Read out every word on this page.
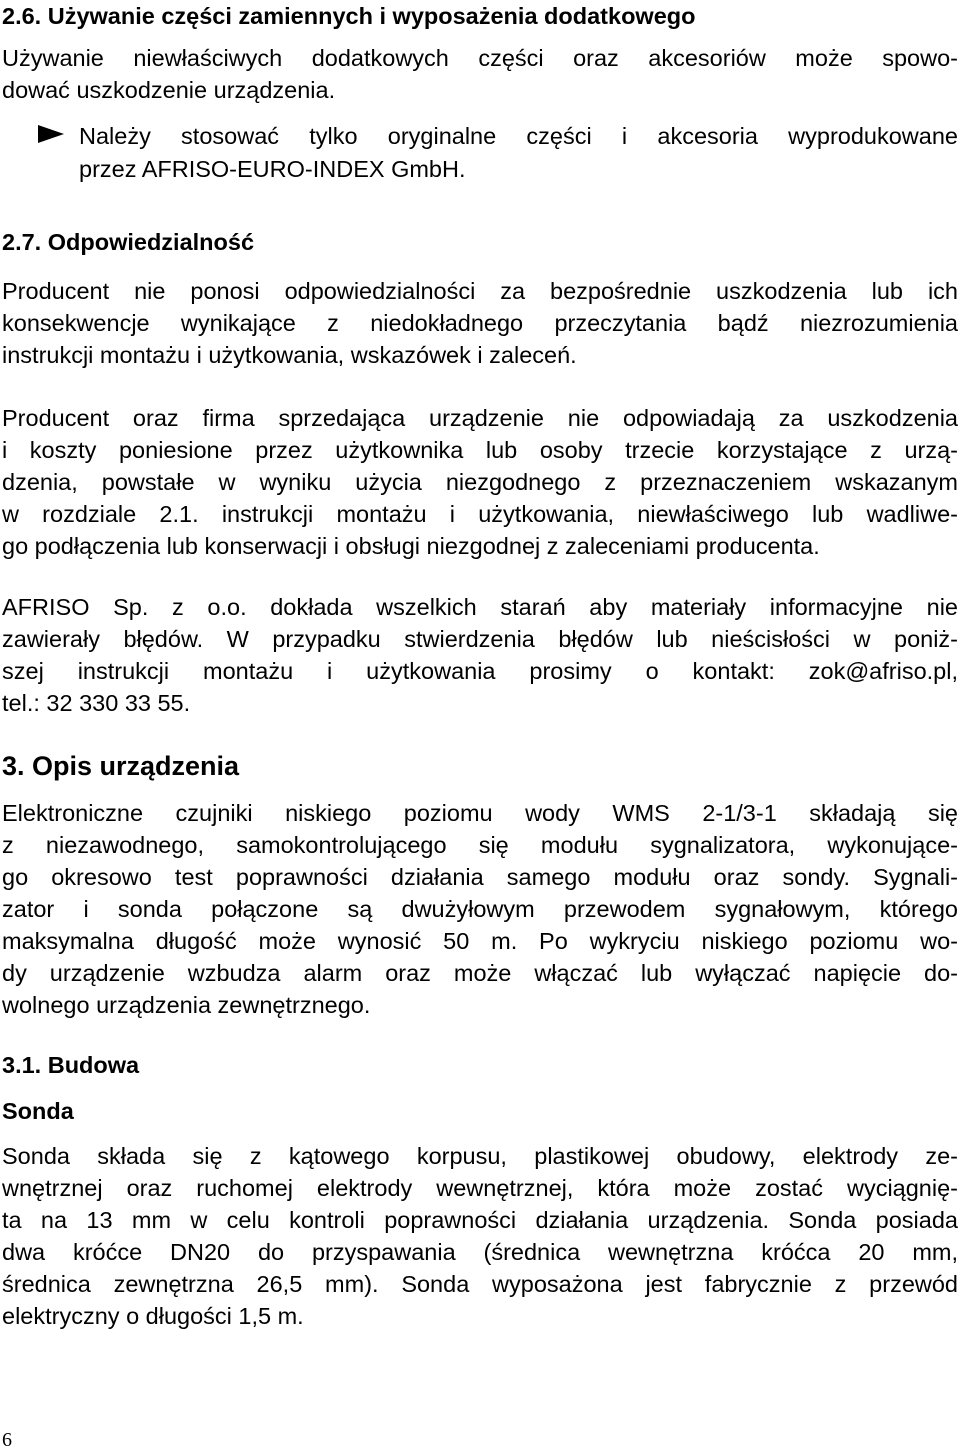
2.6. Używanie części zamiennych i wyposażenia dodatkowego
Używanie niewłaściwych dodatkowych części oraz akcesoriów może spowo-
dować uszkodzenie urządzenia.
Należy stosować tylko oryginalne części i akcesoria wyprodukowane
przez AFRISO-EURO-INDEX GmbH.
2.7. Odpowiedzialność
Producent nie ponosi odpowiedzialności za bezpośrednie uszkodzenia lub ich
konsekwencje wynikające z niedokładnego przeczytania bądź niezrozumienia
instrukcji montażu i użytkowania, wskazówek i zaleceń.
Producent oraz firma sprzedająca urządzenie nie odpowiadają za uszkodzenia
i koszty poniesione przez użytkownika lub osoby trzecie korzystające z urzą-
dzenia, powstałe w wyniku użycia niezgodnego z przeznaczeniem wskazanym
w rozdziale 2.1. instrukcji montażu i użytkowania, niewłaściwego lub wadliwe-
go podłączenia lub konserwacji i obsługi niezgodnej z zaleceniami producenta.
AFRISO Sp. z o.o. dokłada wszelkich starań aby materiały informacyjne nie
zawierały błędów. W przypadku stwierdzenia błędów lub nieścisłości w poniż-
szej instrukcji montażu i użytkowania prosimy o kontakt: zok@afriso.pl,
tel.: 32 330 33 55.
3. Opis urządzenia
Elektroniczne czujniki niskiego poziomu wody WMS 2-1/3-1 składają się
z niezawodnego, samokontrolującego się modułu sygnalizatora, wykonujące-
go okresowo test poprawności działania samego modułu oraz sondy. Sygnali-
zator i sonda połączone są dwużyłowym przewodem sygnałowym, którego
maksymalna długość może wynosić 50 m. Po wykryciu niskiego poziomu wo-
dy urządzenie wzbudza alarm oraz może włączać lub wyłączać napięcie do-
wolnego urządzenia zewnętrznego.
3.1. Budowa
Sonda
Sonda składa się z kątowego korpusu, plastikowej obudowy, elektrody ze-
wnętrznej oraz ruchomej elektrody wewnętrznej, która może zostać wyciągnię-
ta na 13 mm w celu kontroli poprawności działania urządzenia. Sonda posiada
dwa króćce DN20 do przyspawania (średnica wewnętrzna króćca 20 mm,
średnica zewnętrzna 26,5 mm). Sonda wyposażona jest fabrycznie z przewód
elektryczny o długości 1,5 m.
6
